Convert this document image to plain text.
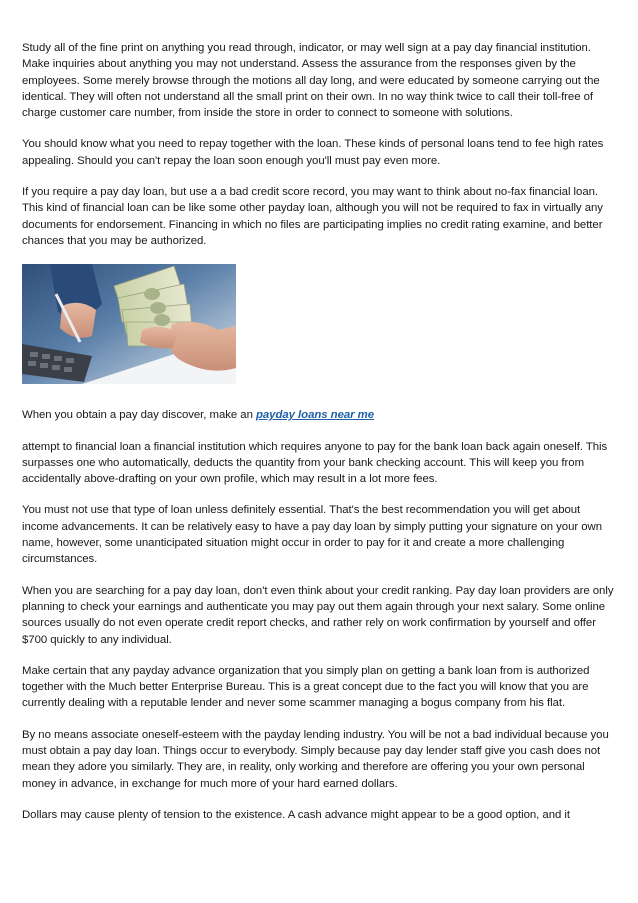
Study all of the fine print on anything you read through, indicator, or may well sign at a pay day financial institution. Make inquiries about anything you may not understand. Assess the assurance from the responses given by the employees. Some merely browse through the motions all day long, and were educated by someone carrying out the identical. They will often not understand all the small print on their own. In no way think twice to call their toll-free of charge customer care number, from inside the store in order to connect to someone with solutions.

You should know what you need to repay together with the loan. These kinds of personal loans tend to fee high rates appealing. Should you can't repay the loan soon enough you'll must pay even more.

If you require a pay day loan, but use a a bad credit score record, you may want to think about no-fax financial loan. This kind of financial loan can be like some other payday loan, although you will not be required to fax in virtually any documents for endorsement. Financing in which no files are participating implies no credit rating examine, and better chances that you may be authorized.

When you obtain a pay day discover, make an payday loans near me

attempt to financial loan a financial institution which requires anyone to pay for the bank loan back again oneself. This surpasses one who automatically, deducts the quantity from your bank checking account. This will keep you from accidentally above-drafting on your own profile, which may result in a lot more fees.

You must not use that type of loan unless definitely essential. That's the best recommendation you will get about income advancements. It can be relatively easy to have a pay day loan by simply putting your signature on your own name, however, some unanticipated situation might occur in order to pay for it and create a more challenging circumstances.

When you are searching for a pay day loan, don't even think about your credit ranking. Pay day loan providers are only planning to check your earnings and authenticate you may pay out them again through your next salary. Some online sources usually do not even operate credit report checks, and rather rely on work confirmation by yourself and offer $700 quickly to any individual.

Make certain that any payday advance organization that you simply plan on getting a bank loan from is authorized together with the Much better Enterprise Bureau. This is a great concept due to the fact you will know that you are currently dealing with a reputable lender and never some scammer managing a bogus company from his flat.

By no means associate oneself-esteem with the payday lending industry. You will be not a bad individual because you must obtain a pay day loan. Things occur to everybody. Simply because pay day lender staff give you cash does not mean they adore you similarly. They are, in reality, only working and therefore are offering you your own personal money in advance, in exchange for much more of your hard earned dollars.

Dollars may cause plenty of tension to the existence. A cash advance might appear to be a good option, and it
